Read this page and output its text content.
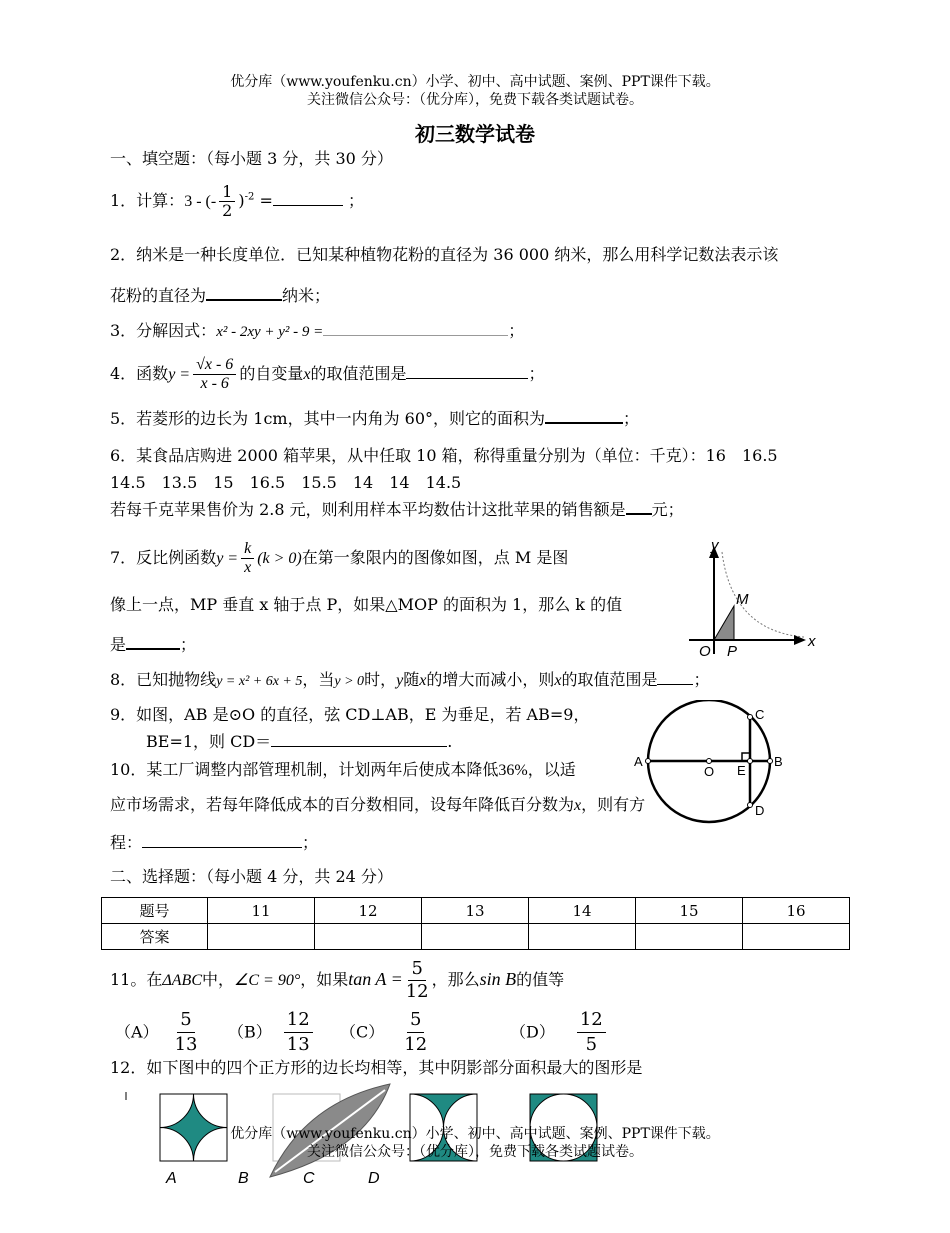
优分库（www.youfenku.cn）小学、初中、高中试题、案例、PPT课件下载。
关注微信公众号：（优分库），免费下载各类试题试卷。
初三数学试卷
一、填空题：（每小题 3 分，共 30 分）
1．计算：3 - (- $\frac{1}{2} )^{-2}$ =	；
2．纳米是一种长度单位．已知某种植物花粉的直径为 36 000 纳米，那么用科学记数法表示该
花粉的直径为	纳米；
3．分解因式：x² - 2xy + y² - 9 =	；
4．函数$y = \frac{√x - 6}{x - 6}$ 的自变量x的取值范围是	；
5．若菱形的边长为 1cm，其中一内角为 60°，则它的面积为	；
6．某食品店购进 2000 箱苹果，从中任取 10 箱，称得重量分别为（单位：千克）：16　16.5
14.5　13.5　15　16.5　15.5　14　14　14.5
若每千克苹果售价为 2.8 元，则利用样本平均数估计这批苹果的销售额是 元；
7．反比例函数$y = \frac{k}{x} (k > 0)$在第一象限内的图像如图，点 M 是图
像上一点，MP 垂直 x 轴于点 P，如果△MOP 的面积为 1，那么 k 的值
是	；
y
x
M
O P
8．已知抛物线y = x² + 6x + 5，当y > 0时，y随x的增大而减小，则x的取值范围是 ；
9．如图，AB 是⊙O 的直径，弦 CD⊥AB，E 为垂足，若 AB=9，
BE=1，则 CD＝	.
A	B
C
D
O E
10．某工厂调整内部管理机制，计划两年后使成本降低36%，以适
应市场需求，若每年降低成本的百分数相同，设每年降低百分数为x，则有方
程：	；
二、选择题：（每小题 4 分，共 24 分）
题号	11	12	13	14	15	16
答案						
11。在ΔABC中，∠C = 90°，如果$\tan A = \frac{5}{12}$ ，那么sin B的值等
$(A) \frac{5}{13} (B) \frac{12}{13} (C) \frac{5}{12}$	$(D) \frac{12}{5}$
12．如下图中的四个正方形的边长均相等，其中阴影部分面积最大的图形是
A	B	C	D
优分库（www.youfenku.cn）小学、初中、高中试题、案例、PPT课件下载。
关注微信公众号：（优分库），免费下载各类试题试卷。
